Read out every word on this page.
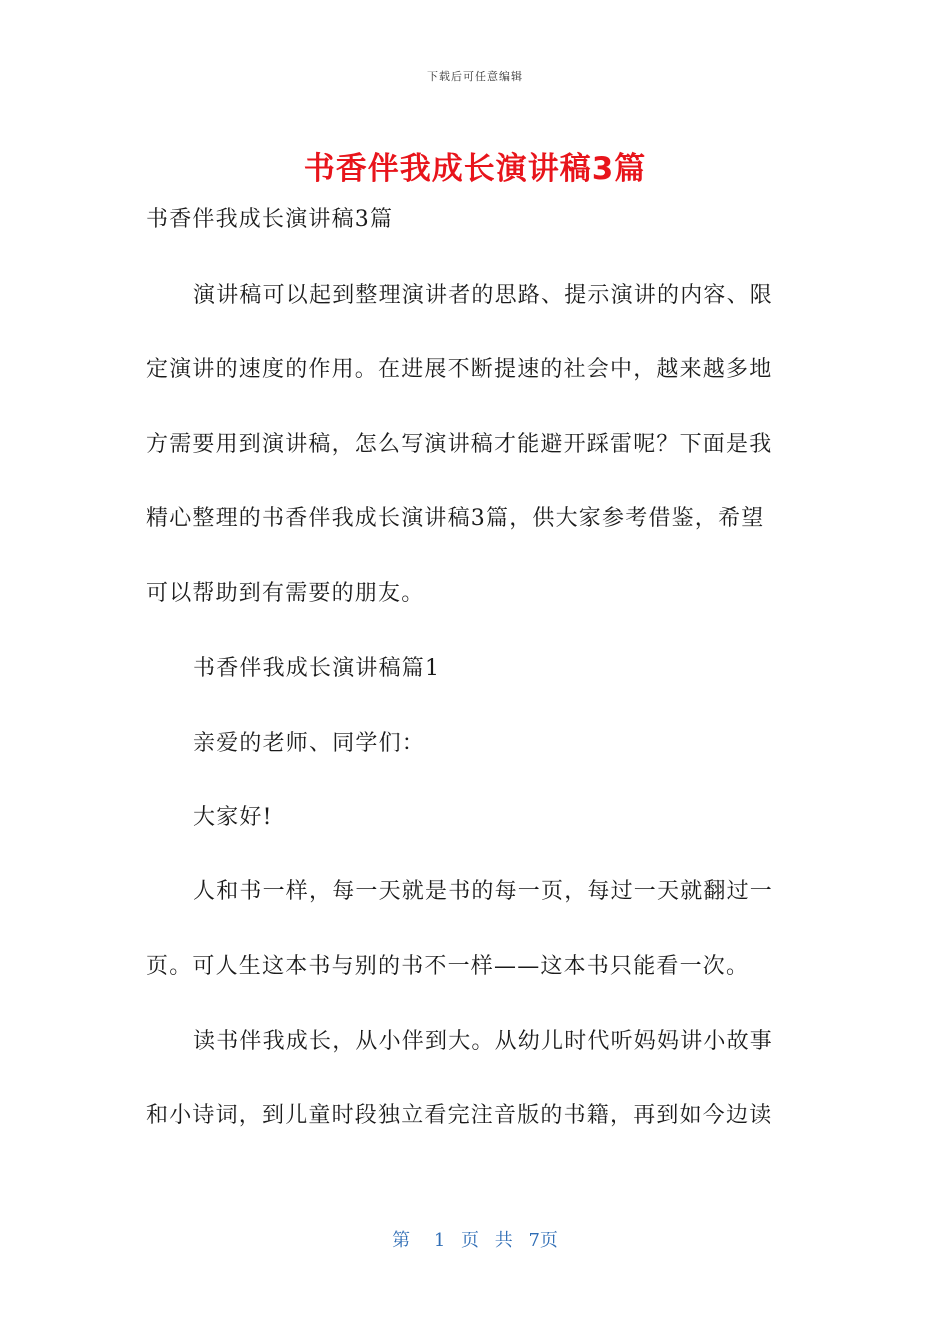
下载后可任意编辑
书香伴我成长演讲稿3篇
书香伴我成长演讲稿3篇
演讲稿可以起到整理演讲者的思路、提示演讲的内容、限
定演讲的速度的作用。在进展不断提速的社会中，越来越多地
方需要用到演讲稿，怎么写演讲稿才能避开踩雷呢？下面是我
精心整理的书香伴我成长演讲稿3篇，供大家参考借鉴，希望
可以帮助到有需要的朋友。
书香伴我成长演讲稿篇1
亲爱的老师、同学们：
大家好!
人和书一样，每一天就是书的每一页，每过一天就翻过一
页。可人生这本书与别的书不一样——这本书只能看一次。
读书伴我成长，从小伴到大。从幼儿时代听妈妈讲小故事
和小诗词，到儿童时段独立看完注音版的书籍，再到如今边读
第 1 页 共 7页
